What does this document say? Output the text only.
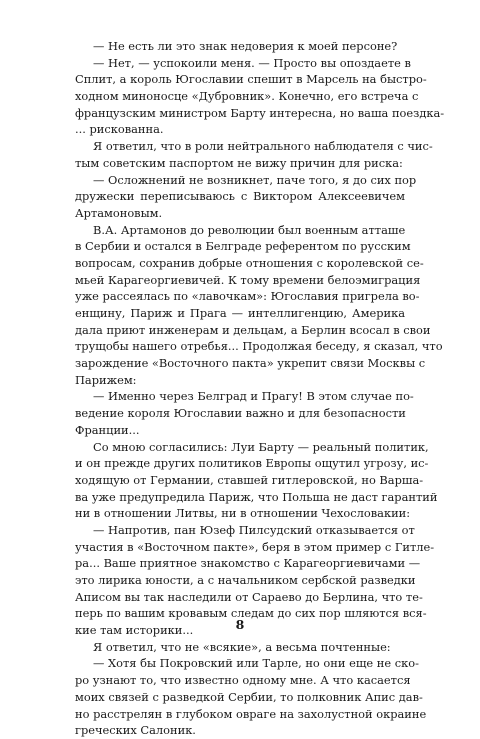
— Не есть ли это знак недоверия к моей персоне?
— Нет, — успокоили меня. — Просто вы опоздаете в
Сплит, а король Югославии спешит в Марсель на быстро-
ходном миноносце «Дубровник». Конечно, его встреча с
французским министром Барту интересна, но ваша поездка-
... рискованна.
Я ответил, что в роли нейтрального наблюдателя с чис-
тым советским паспортом не вижу причин для риска:
— Осложнений не возникнет, паче того, я до сих пор
дружески переписываюсь с Виктором Алексеевичем
Артамоновым.
В.А. Артамонов до революции был военным атташе
в Сербии и остался в Белграде референтом по русским
вопросам, сохранив добрые отношения с королевской се-
мьей Карагеоргиевичей. К тому времени белоэмиграция
уже рассеялась по «лавочкам»: Югославия пригрела во-
енщину, Париж и Прага — интеллигенцию, Америка
дала приют инженерам и дельцам, а Берлин всосал в свои
трущобы нашего отребья... Продолжая беседу, я сказал, что
зарождение «Восточного пакта» укрепит связи Москвы с
Парижем:
— Именно через Белград и Прагу! В этом случае по-
ведение короля Югославии важно и для безопасности
Франции...
Со мною согласились: Луи Барту — реальный политик,
и он прежде других политиков Европы ощутил угрозу, ис-
ходящую от Германии, ставшей гитлеровской, но Варша-
ва уже предупредила Париж, что Польша не даст гарантий
ни в отношении Литвы, ни в отношении Чехословакии:
— Напротив, пан Юзеф Пилсудский отказывается от
участия в «Восточном пакте», беря в этом пример с Гитле-
ра... Ваше приятное знакомство с Карагеоргиевичами —
это лирика юности, а с начальником сербской разведки
Аписом вы так наследили от Сараево до Берлина, что те-
перь по вашим кровавым следам до сих пор шляются вся-
кие там историки...
Я ответил, что не «всякие», а весьма почтенные:
— Хотя бы Покровский или Тарле, но они еще не ско-
ро узнают то, что известно одному мне. А что касается
моих связей с разведкой Сербии, то полковник Апис дав-
но расстрелян в глубоком овраге на захолустной окраине
греческих Салоник.
8
